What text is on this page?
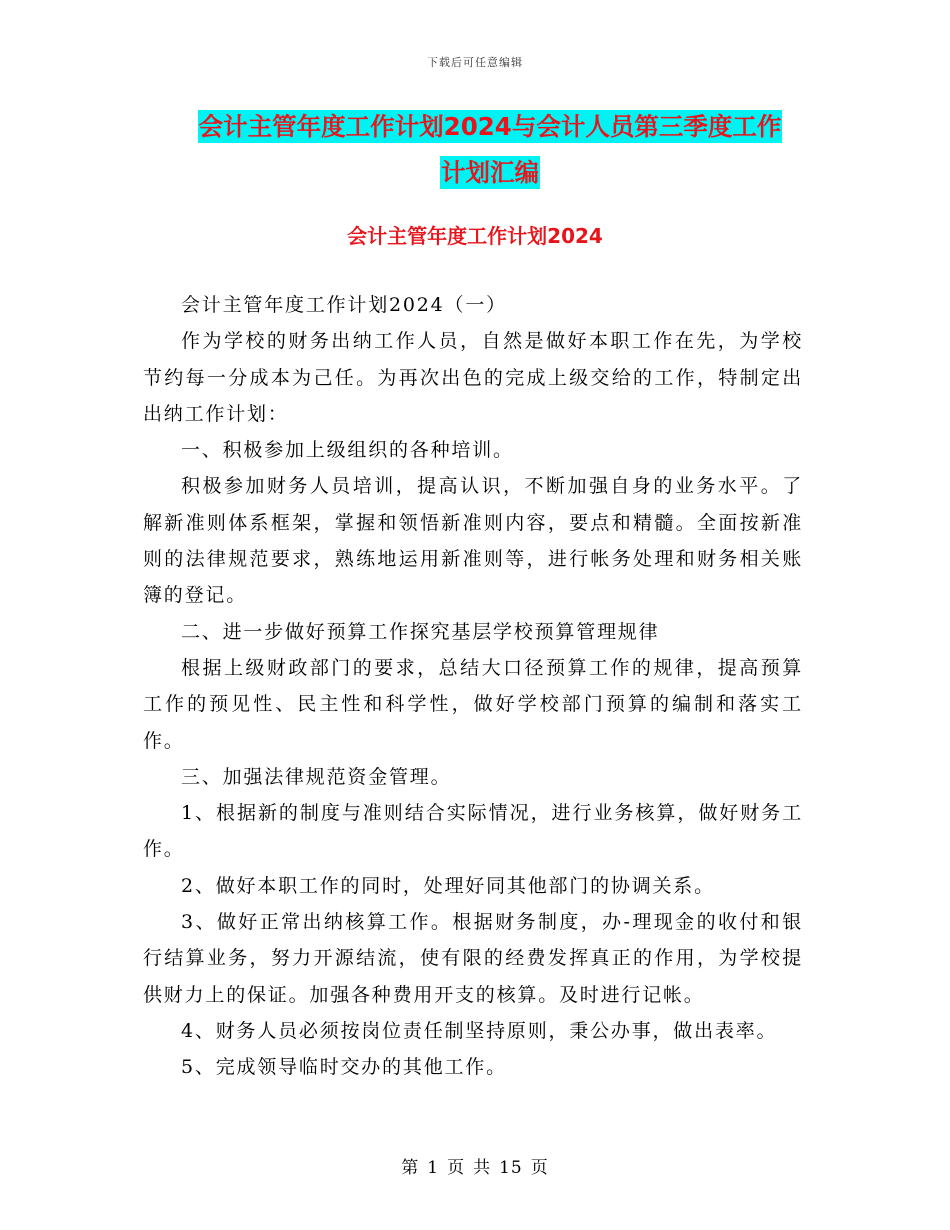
下载后可任意编辑
会计主管年度工作计划2024与会计人员第三季度工作
计划汇编
会计主管年度工作计划2024

会计主管年度工作计划2024（一）

作为学校的财务出纳工作人员，自然是做好本职工作在先，为学校节约每一分成本为己任。为再次出色的完成上级交给的工作，特制定出出纳工作计划：

一、积极参加上级组织的各种培训。

积极参加财务人员培训，提高认识，不断加强自身的业务水平。了解新准则体系框架，掌握和领悟新准则内容，要点和精髓。全面按新准则的法律规范要求，熟练地运用新准则等，进行帐务处理和财务相关账簿的登记。

二、进一步做好预算工作探究基层学校预算管理规律

根据上级财政部门的要求，总结大口径预算工作的规律，提高预算工作的预见性、民主性和科学性，做好学校部门预算的编制和落实工作。

三、加强法律规范资金管理。

1、根据新的制度与准则结合实际情况，进行业务核算，做好财务工作。

2、做好本职工作的同时，处理好同其他部门的协调关系。

3、做好正常出纳核算工作。根据财务制度，办-理现金的收付和银行结算业务，努力开源结流，使有限的经费发挥真正的作用，为学校提供财力上的保证。加强各种费用开支的核算。及时进行记帐。

4、财务人员必须按岗位责任制坚持原则，秉公办事，做出表率。

5、完成领导临时交办的其他工作。

第 1 页 共 15 页
